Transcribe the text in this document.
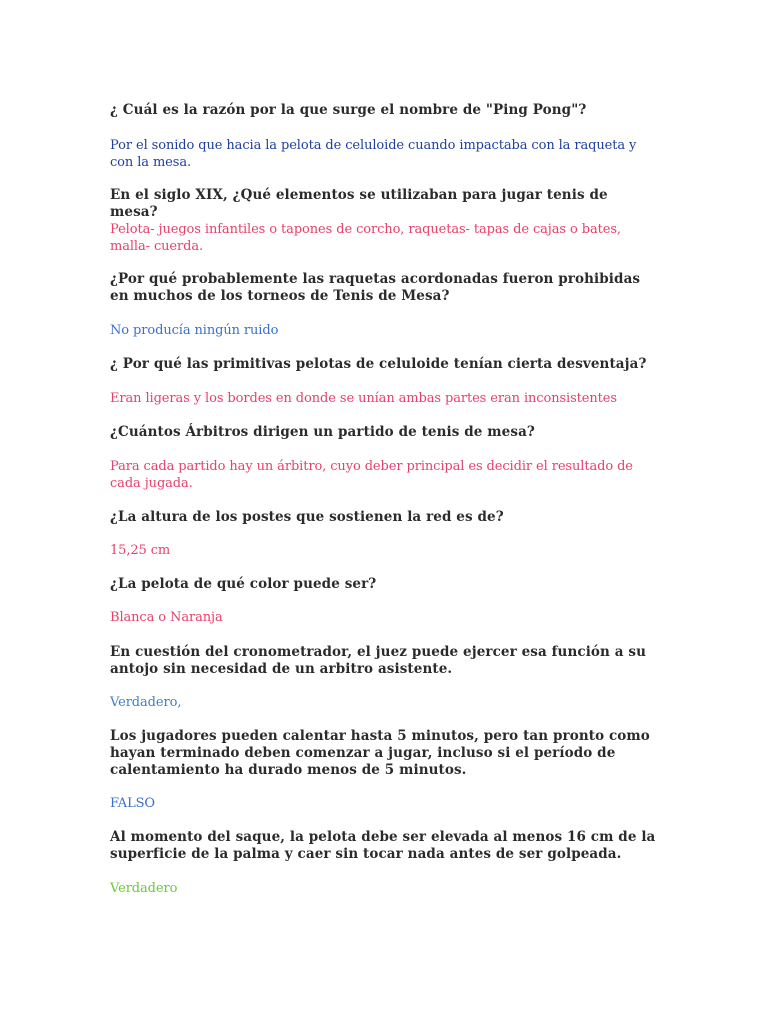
¿ Cuál es la razón por la que surge el nombre de "Ping Pong"?

Por el sonido que hacia la pelota de celuloide cuando impactaba con la raqueta y con la mesa.

En el siglo XIX, ¿Qué elementos se utilizaban para jugar tenis de mesa?

Pelota- juegos infantiles o tapones de corcho, raquetas- tapas de cajas o bates, malla- cuerda.

¿Por qué probablemente las raquetas acordonadas fueron prohibidas en muchos de los torneos de Tenis de Mesa?

No producía ningún ruido

¿ Por qué las primitivas pelotas de celuloide tenían cierta desventaja?

Eran ligeras y los bordes en donde se unían ambas partes eran inconsistentes

¿Cuántos Árbitros dirigen un partido de tenis de mesa?

Para cada partido hay un árbitro, cuyo deber principal es decidir el resultado de cada jugada.

¿La altura de los postes que sostienen la red es de?

15,25 cm

¿La pelota de qué color puede ser?

Blanca o Naranja

En cuestión del cronometrador, el juez puede ejercer esa función a su antojo sin necesidad de un arbitro asistente.

Verdadero,

Los jugadores pueden calentar hasta 5 minutos, pero tan pronto como hayan terminado deben comenzar a jugar, incluso si el período de calentamiento ha durado menos de 5 minutos.

FALSO

Al momento del saque, la pelota debe ser elevada al menos 16 cm de la superficie de la palma y caer sin tocar nada antes de ser golpeada.

Verdadero
